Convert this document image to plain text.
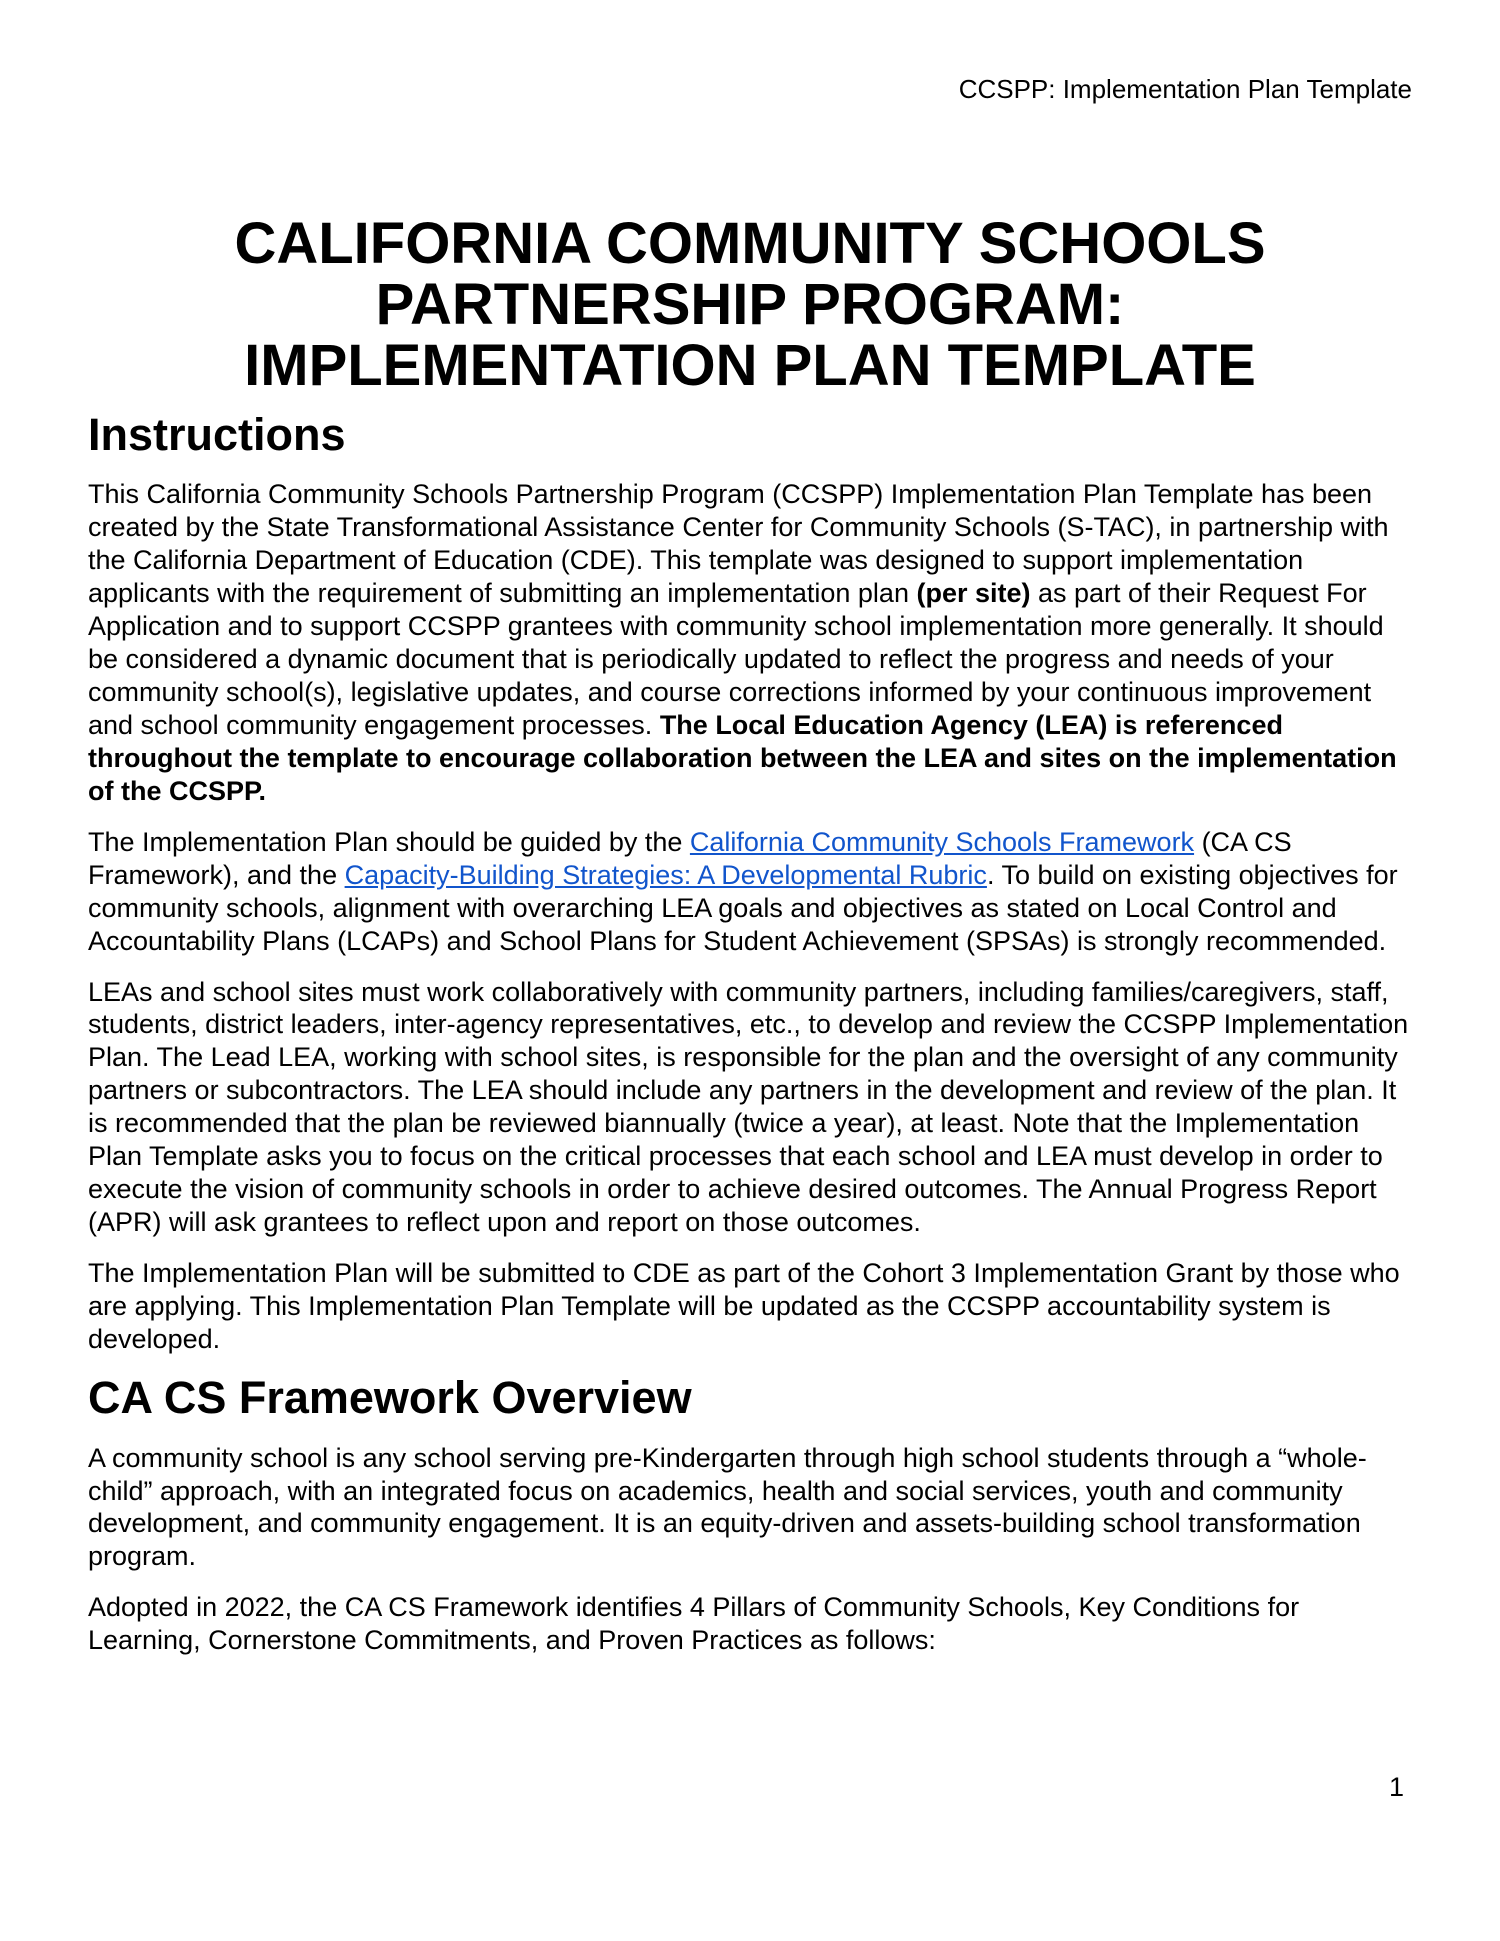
CCSPP: Implementation Plan Template
CALIFORNIA COMMUNITY SCHOOLS PARTNERSHIP PROGRAM:
IMPLEMENTATION PLAN TEMPLATE
Instructions

This California Community Schools Partnership Program (CCSPP) Implementation Plan Template has been created by the State Transformational Assistance Center for Community Schools (S-TAC), in partnership with the California Department of Education (CDE). This template was designed to support implementation applicants with the requirement of submitting an implementation plan (per site) as part of their Request For Application and to support CCSPP grantees with community school implementation more generally. It should be considered a dynamic document that is periodically updated to reflect the progress and needs of your community school(s), legislative updates, and course corrections informed by your continuous improvement and school community engagement processes. The Local Education Agency (LEA) is referenced throughout the template to encourage collaboration between the LEA and sites on the implementation of the CCSPP.

The Implementation Plan should be guided by the California Community Schools Framework (CA CS Framework), and the Capacity-Building Strategies: A Developmental Rubric. To build on existing objectives for community schools, alignment with overarching LEA goals and objectives as stated on Local Control and Accountability Plans (LCAPs) and School Plans for Student Achievement (SPSAs) is strongly recommended.

LEAs and school sites must work collaboratively with community partners, including families/caregivers, staff, students, district leaders, inter-agency representatives, etc., to develop and review the CCSPP Implementation Plan. The Lead LEA, working with school sites, is responsible for the plan and the oversight of any community partners or subcontractors. The LEA should include any partners in the development and review of the plan. It is recommended that the plan be reviewed biannually (twice a year), at least. Note that the Implementation Plan Template asks you to focus on the critical processes that each school and LEA must develop in order to execute the vision of community schools in order to achieve desired outcomes. The Annual Progress Report (APR) will ask grantees to reflect upon and report on those outcomes.

The Implementation Plan will be submitted to CDE as part of the Cohort 3 Implementation Grant by those who are applying. This Implementation Plan Template will be updated as the CCSPP accountability system is developed.

CA CS Framework Overview

A community school is any school serving pre-Kindergarten through high school students through a “whole-child” approach, with an integrated focus on academics, health and social services, youth and community development, and community engagement. It is an equity-driven and assets-building school transformation program.

Adopted in 2022, the CA CS Framework identifies 4 Pillars of Community Schools, Key Conditions for Learning, Cornerstone Commitments, and Proven Practices as follows:

1
